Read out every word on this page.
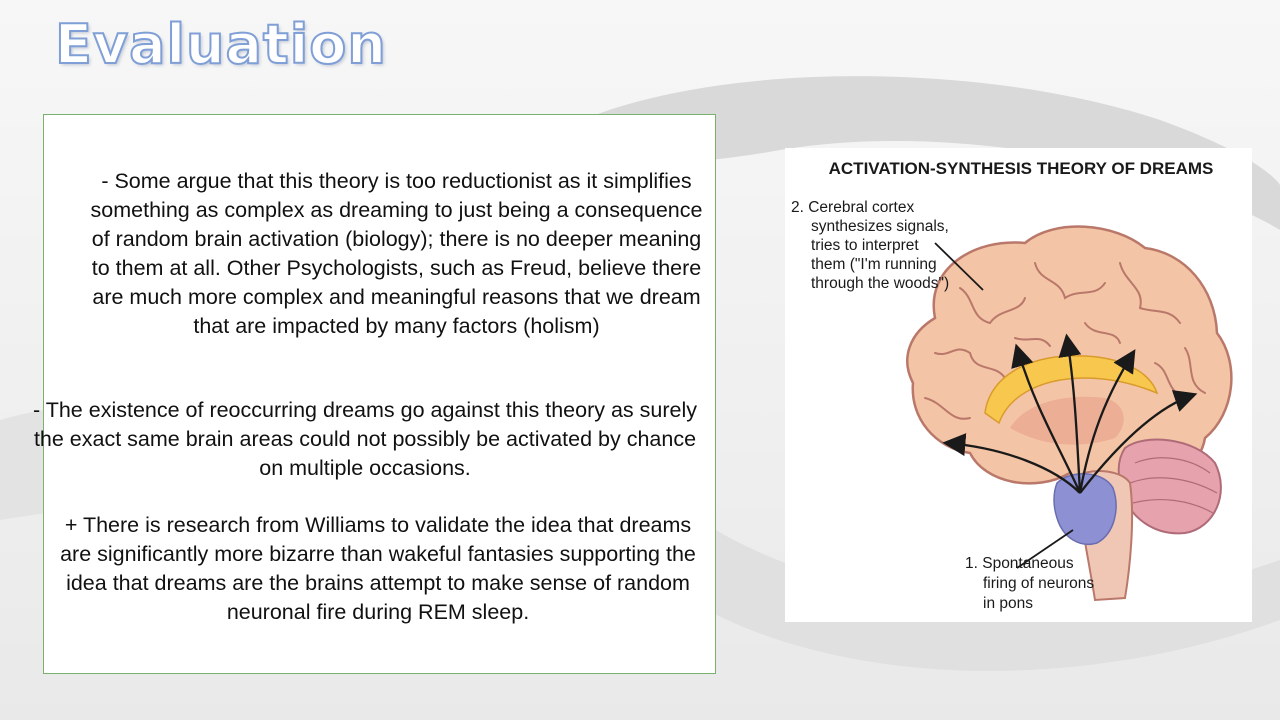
Evaluation

- Some argue that this theory is too reductionist as it simplifies something as complex as dreaming to just being a consequence of random brain activation (biology); there is no deeper meaning to them at all. Other Psychologists, such as Freud, believe there are much more complex and meaningful reasons that we dream that are impacted by many factors (holism)

- The existence of reoccurring dreams go against this theory as surely the exact same brain areas could not possibly be activated by chance on multiple occasions.

+ There is research from Williams to validate the idea that dreams are significantly more bizarre than wakeful fantasies supporting the idea that dreams are the brains attempt to make sense of random neuronal fire during REM sleep.

ACTIVATION-SYNTHESIS THEORY OF DREAMS
2. Cerebral cortex
synthesizes signals,
tries to interpret
them ("I'm running
through the woods")
1. Spontaneous
firing of neurons
in pons
